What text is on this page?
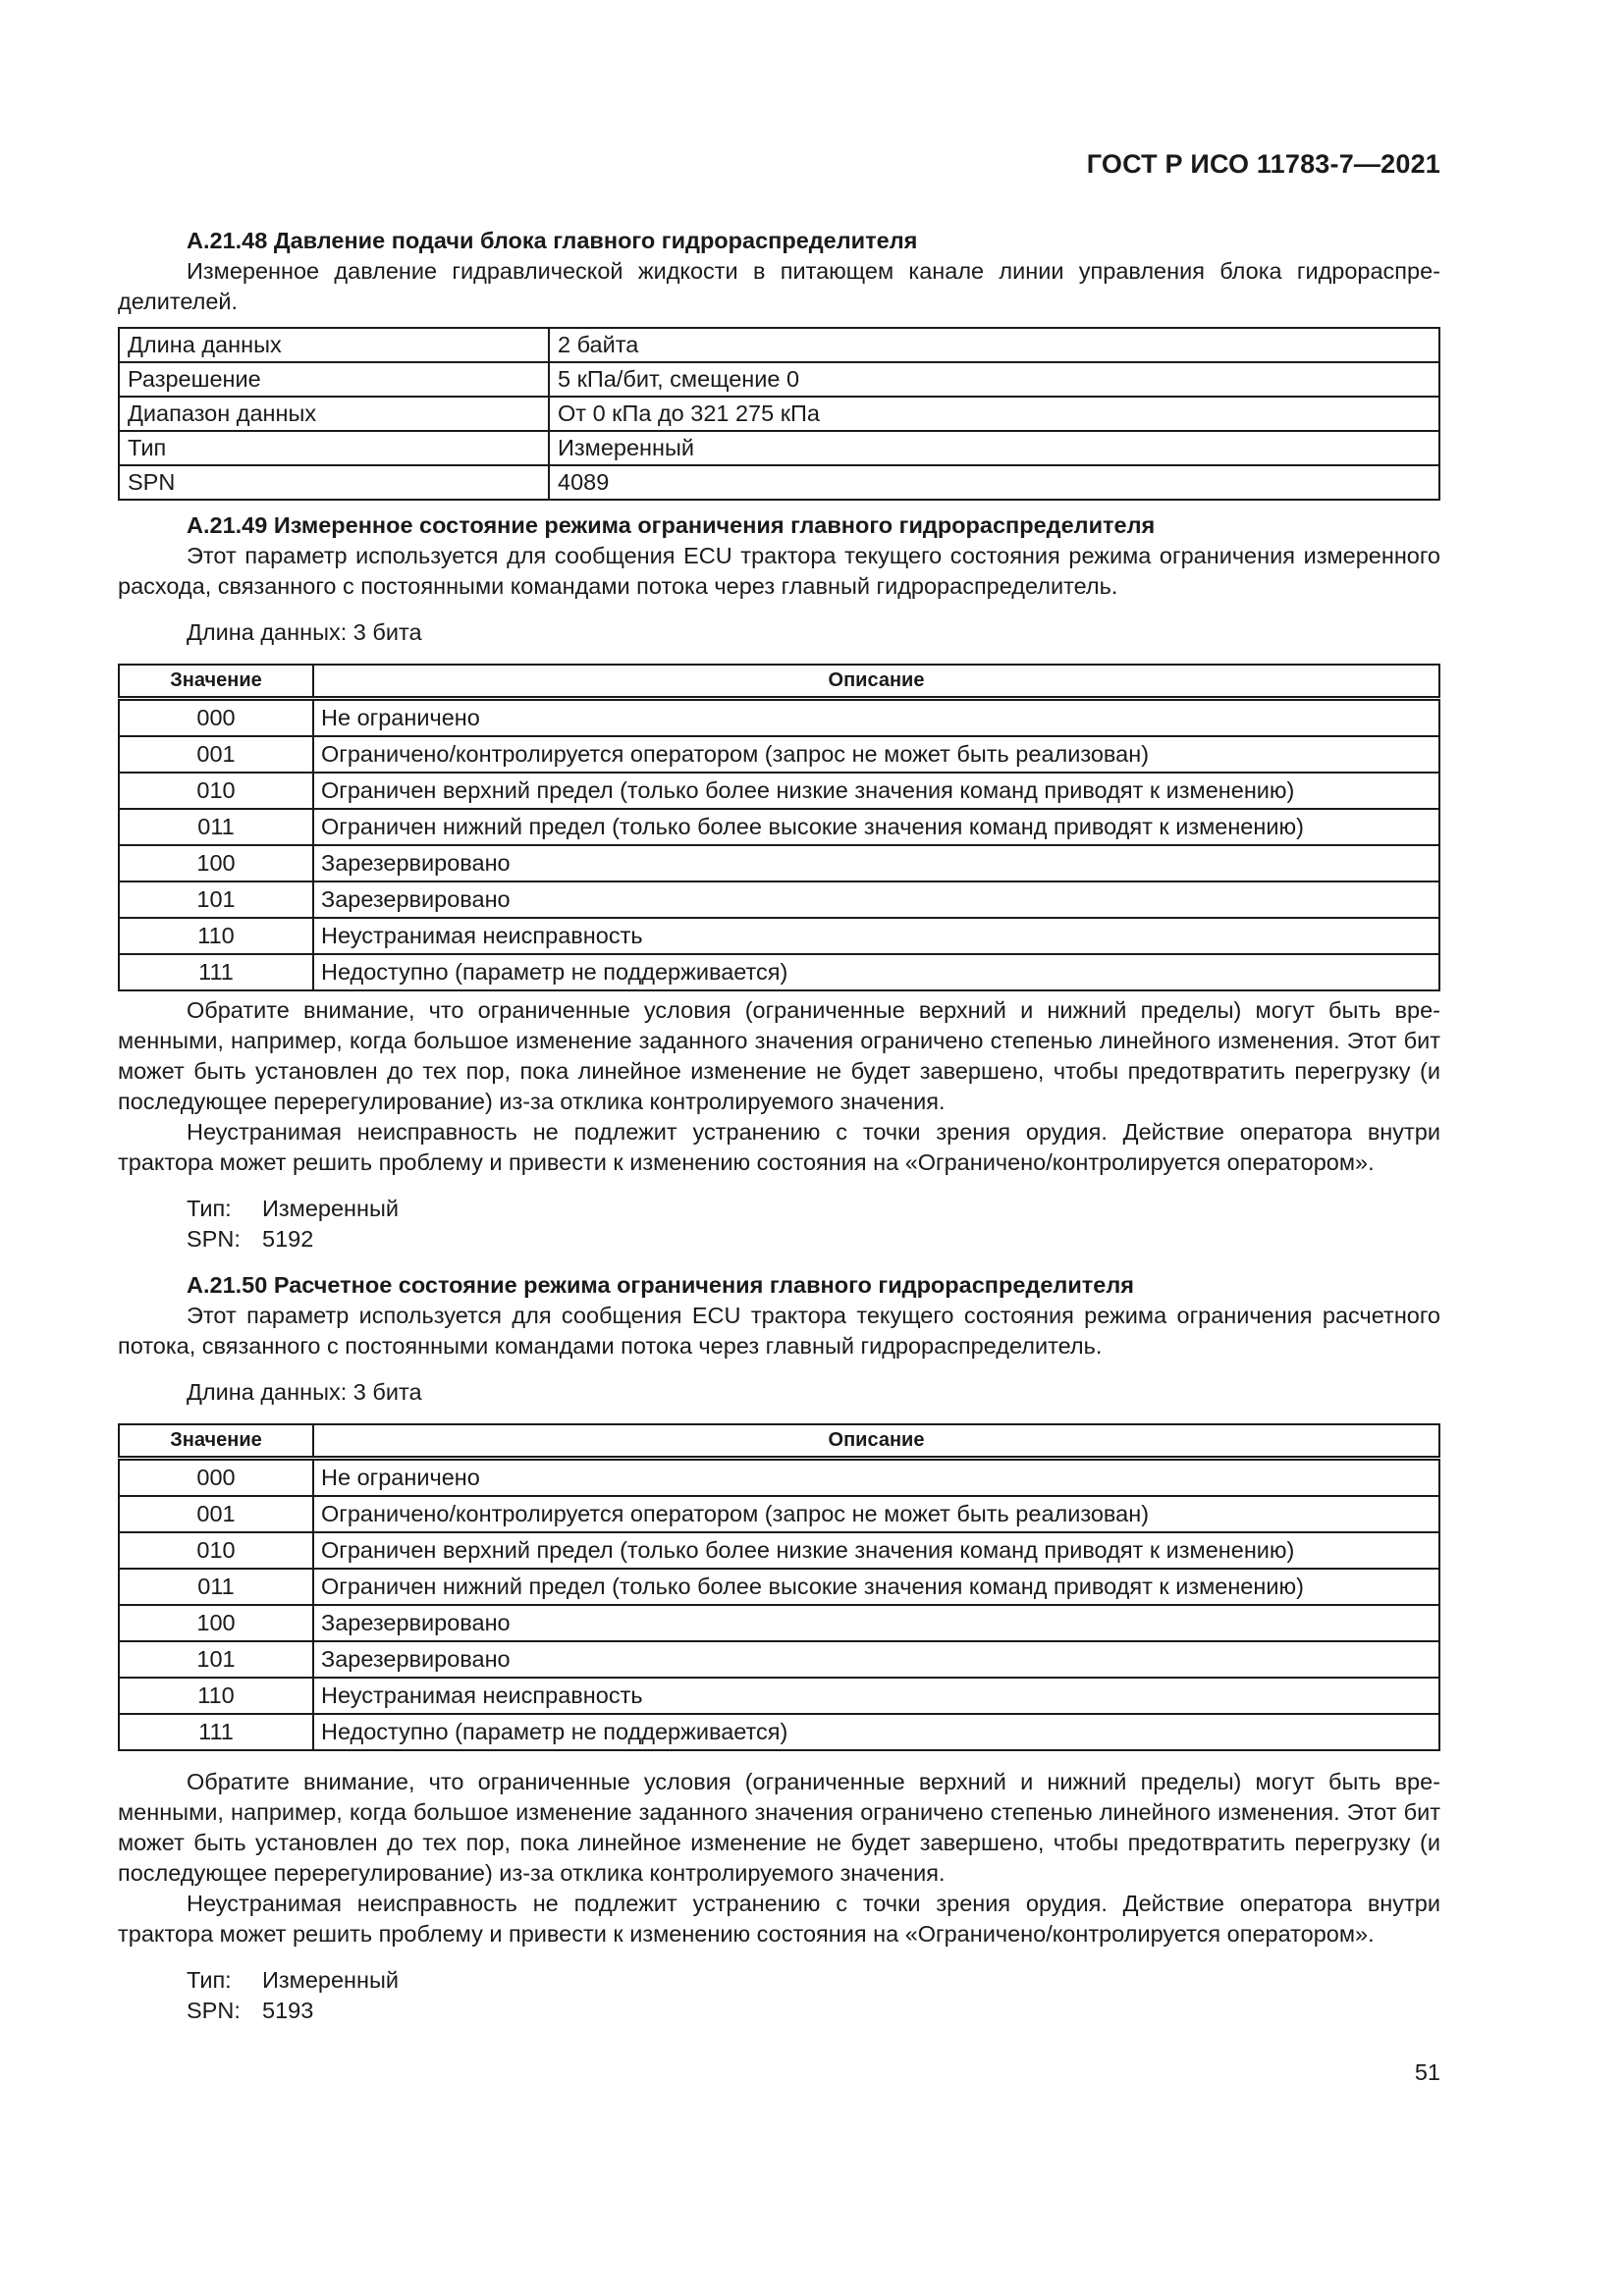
ГОСТ Р ИСО 11783-7—2021

A.21.48 Давление подачи блока главного гидрораспределителя

Измеренное давление гидравлической жидкости в питающем канале линии управления блока гидрораспределителей.

Длина данных	2 байта
Разрешение	5 кПа/бит, смещение 0
Диапазон данных	От 0 кПа до 321 275 кПа
Тип	Измеренный
SPN	4089

A.21.49 Измеренное состояние режима ограничения главного гидрораспределителя

Этот параметр используется для сообщения ECU трактора текущего состояния режима ограничения измеренного расхода, связанного с постоянными командами потока через главный гидрораспределитель.

Длина данных: 3 бита

Значение	Описание
000	Не ограничено
001	Ограничено/контролируется оператором (запрос не может быть реализован)
010	Ограничен верхний предел (только более низкие значения команд приводят к изменению)
011	Ограничен нижний предел (только более высокие значения команд приводят к изменению)
100	Зарезервировано
101	Зарезервировано
110	Неустранимая неисправность
111	Недоступно (параметр не поддерживается)

Обратите внимание, что ограниченные условия (ограниченные верхний и нижний пределы) могут быть временными, например, когда большое изменение заданного значения ограничено степенью линейного изменения. Этот бит может быть установлен до тех пор, пока линейное изменение не будет завершено, чтобы предотвратить перегрузку (и последующее перерегулирование) из-за отклика контролируемого значения.

Неустранимая неисправность не подлежит устранению с точки зрения орудия. Действие оператора внутри трактора может решить проблему и привести к изменению состояния на «Ограничено/контролируется оператором».

Тип: Измеренный

SPN: 5192

A.21.50 Расчетное состояние режима ограничения главного гидрораспределителя

Этот параметр используется для сообщения ECU трактора текущего состояния режима ограничения расчетного потока, связанного с постоянными командами потока через главный гидрораспределитель.

Длина данных: 3 бита

Значение	Описание
000	Не ограничено
001	Ограничено/контролируется оператором (запрос не может быть реализован)
010	Ограничен верхний предел (только более низкие значения команд приводят к изменению)
011	Ограничен нижний предел (только более высокие значения команд приводят к изменению)
100	Зарезервировано
101	Зарезервировано
110	Неустранимая неисправность
111	Недоступно (параметр не поддерживается)

Обратите внимание, что ограниченные условия (ограниченные верхний и нижний пределы) могут быть временными, например, когда большое изменение заданного значения ограничено степенью линейного изменения. Этот бит может быть установлен до тех пор, пока линейное изменение не будет завершено, чтобы предотвратить перегрузку (и последующее перерегулирование) из-за отклика контролируемого значения.

Неустранимая неисправность не подлежит устранению с точки зрения орудия. Действие оператора внутри трактора может решить проблему и привести к изменению состояния на «Ограничено/контролируется оператором».

Тип: Измеренный

SPN: 5193

51
